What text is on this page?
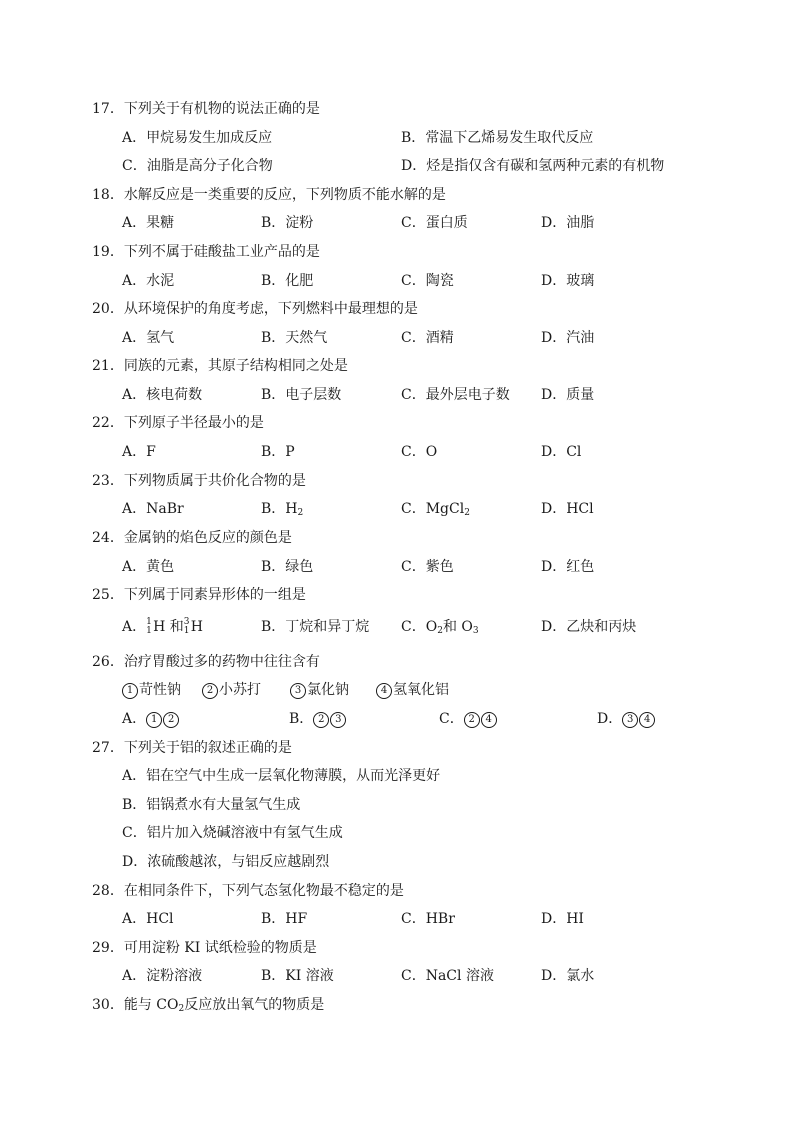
17．下列关于有机物的说法正确的是
A．甲烷易发生加成反应	B．常温下乙烯易发生取代反应
C．油脂是高分子化合物	D．烃是指仅含有碳和氢两种元素的有机物
18．水解反应是一类重要的反应，下列物质不能水解的是
A．果糖	B．淀粉	C．蛋白质	D．油脂
19．下列不属于硅酸盐工业产品的是
A．水泥	B．化肥	C．陶瓷	D．玻璃
20．从环境保护的角度考虑，下列燃料中最理想的是
A．氢气	B．天然气	C．酒精	D．汽油
21．同族的元素，其原子结构相同之处是
A．核电荷数	B．电子层数	C．最外层电子数 D．质量
22．下列原子半径最小的是
A．F	B．P	C．O	D．Cl
23．下列物质属于共价化合物的是
A．NaBr	B．$H_2$	C．MgCl$_2$	D．HCl
24．金属钠的焰色反应的颜色是
A．黄色	B．绿色	C．紫色	D．红色
25．下列属于同素异形体的一组是
A． 1
1 H 和 3
1 H	B．丁烷和异丁烷 C．$O_2$和 $O_3$	D．乙炔和丙炔
26．治疗胃酸过多的药物中往往含有
1 苛性钠	2 小苏打	3 氯化钠	4 氢氧化铝
A． 1 2	B． 2 3	C． 2 4	D． 3 4
27．下列关于铝的叙述正确的是
A．铝在空气中生成一层氧化物薄膜，从而光泽更好
B．铝锅煮水有大量氢气生成
C．铝片加入烧碱溶液中有氢气生成
D．浓硫酸越浓，与铝反应越剧烈
28．在相同条件下，下列气态氢化物最不稳定的是
A．HCl	B．HF	C．HBr	D．HI
29．可用淀粉 KI 试纸检验的物质是
A．淀粉溶液	B．KI 溶液	C．NaCl 溶液	D．氯水
30．能与 $CO_2$反应放出氧气的物质是
